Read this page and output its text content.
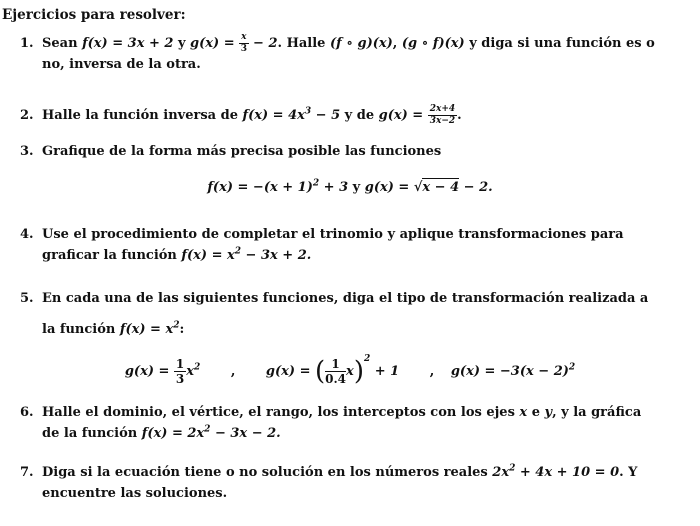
Ejercicios para resolver:
1. Sean f(x) = 3x + 2 y $g(x) = \frac{x}{3} - 2$. Halle (f ∘ g)(x), (g ∘ f)(x) y diga si una función es o
no, inversa de la otra.
2. Halle la función inversa de $f(x) = 4x^3 - 5$ y de $g(x) = \frac{2x+4}{3x-2}$ .
3. Grafique de la forma más precisa posible las funciones
$f(x) = -(x + 1)^2 + 3$ y g(x) = √x − 4 − 2.
4. Use el procedimiento de completar el trinomio y aplique transformaciones para
graficar la función $f(x) = x^2 - 3x + 2$.
5. En cada una de las siguientes funciones, diga el tipo de transformación realizada a
la función $f(x) = x^2$:
$g(x) = \frac{1}{3} x^2$ , g(x) = ( $\frac{1}{0.4} x)^2 + 1$ , $g(x) = -3(x - 2)^2$
6. Halle el dominio, el vértice, el rango, los interceptos con los ejes x e y, y la gráfica
de la función $f(x) = 2x^2 - 3x - 2$.
7. Diga si la ecuación tiene o no solución en los números reales $2x^2 + 4x + 10 = 0$. Y
encuentre las soluciones.
